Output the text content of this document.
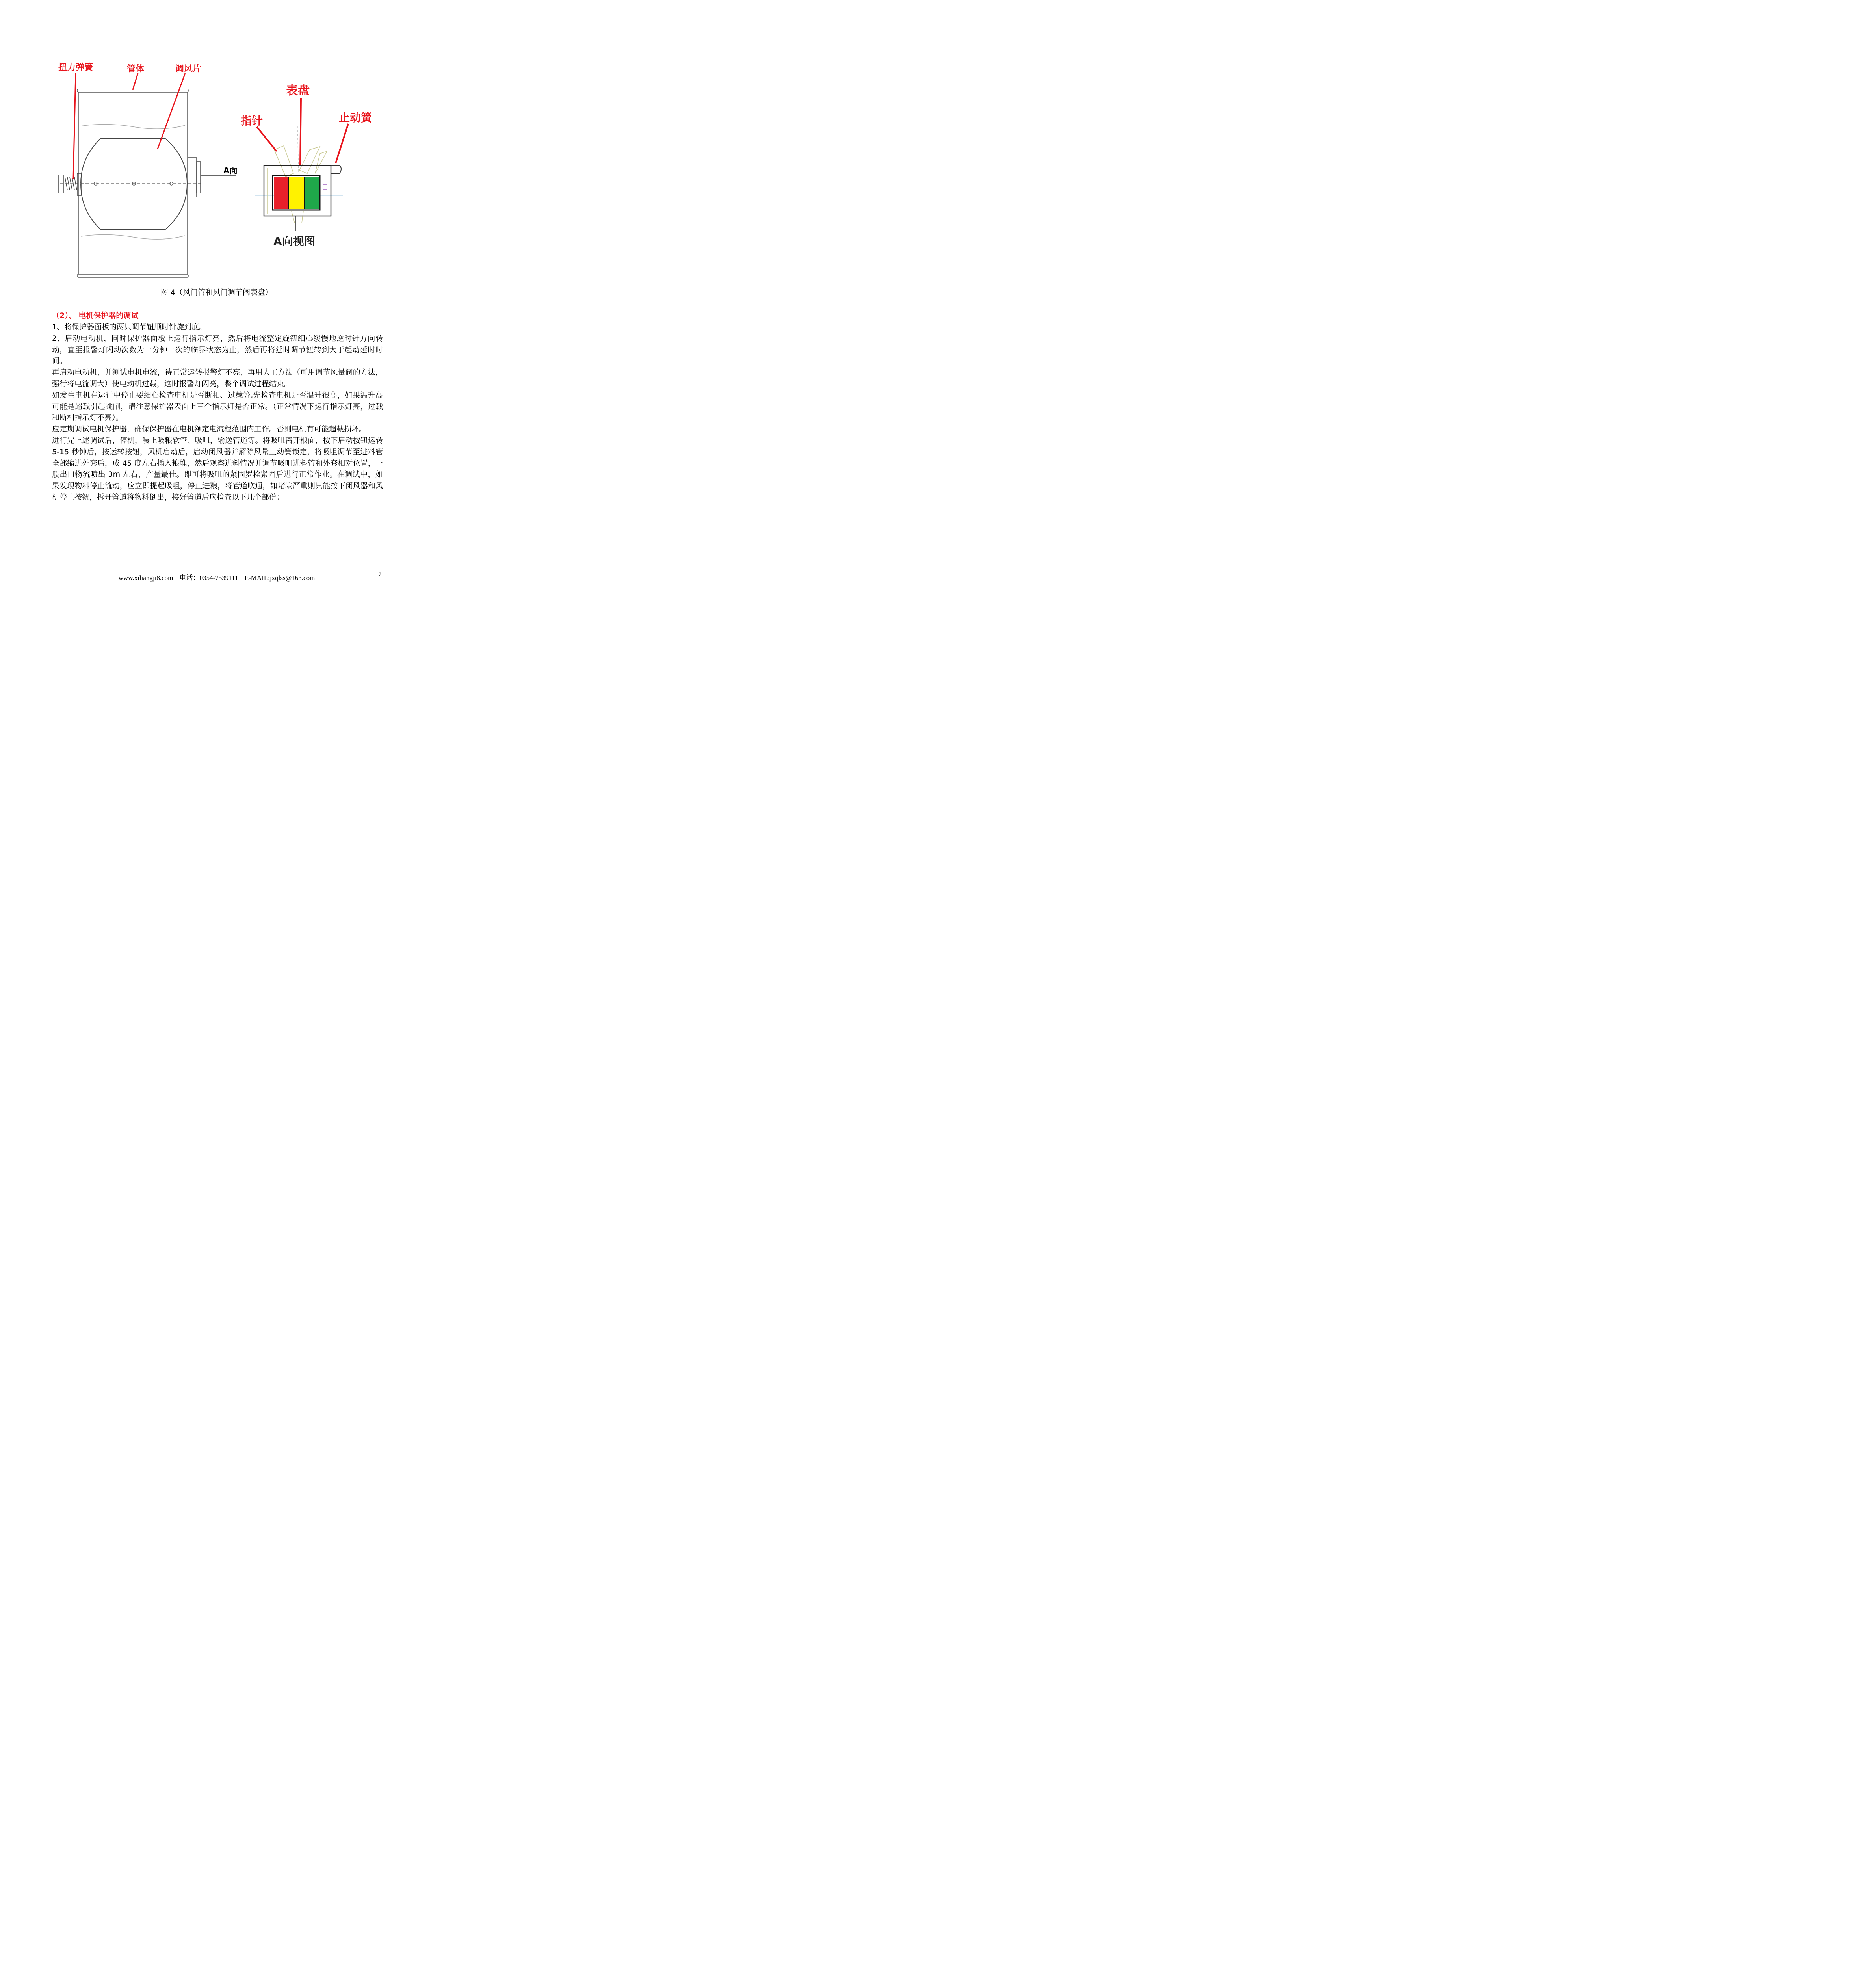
扭力弹簧	管体	调风片
A向
表盘
指针	止动簧
A向视图
图 4（风门管和风门调节阀表盘）
（2）、 电机保护器的调试

1、将保护器面板的两只调节钮顺时针旋到底。

2、启动电动机，同时保护器面板上运行指示灯亮，然后将电流整定旋钮细心缓慢地逆时针方向转动，直至报警灯闪动次数为一分钟一次的临界状态为止，然后再将延时调节钮转到大于起动延时时间。

再启动电动机，并测试电机电流，待正常运转报警灯不亮，再用人工方法（可用调节风量阀的方法，强行将电流调大）使电动机过载，这时报警灯闪亮，整个调试过程结束。

如发生电机在运行中停止要细心检查电机是否断相、过载等,先检查电机是否温升很高，如果温升高可能是超载引起跳闸，请注意保护器表面上三个指示灯是否正常。（正常情况下运行指示灯亮，过载和断相指示灯不亮）。

应定期调试电机保护器，确保保护器在电机额定电流程范围内工作。否则电机有可能超载损坏。

进行完上述调试后，停机，装上吸粮软管、吸咀，输送管道等。将吸咀离开粮面，按下启动按钮运转 5-15 秒钟后，按运转按钮，风机启动后，启动闭风器并解除风量止动簧锁定，将吸咀调节至进料管全部缩进外套后，成 45 度左右插入粮堆，然后观察进料情况并调节吸咀进料管和外套相对位置，一般出口物流喷出 3m 左右，产量最佳。即可将吸咀的紧固罗栓紧固后进行正常作业。在调试中，如果发现物料停止流动，应立即提起吸咀，停止进粮，将管道吹通，如堵塞严重则只能按下闭风器和风机停止按钮，拆开管道将物料倒出，接好管道后应检查以下几个部份：

www.xiliangji8.com 电话：0354-7539111 E-MAIL:jxqlss@163.com	7
